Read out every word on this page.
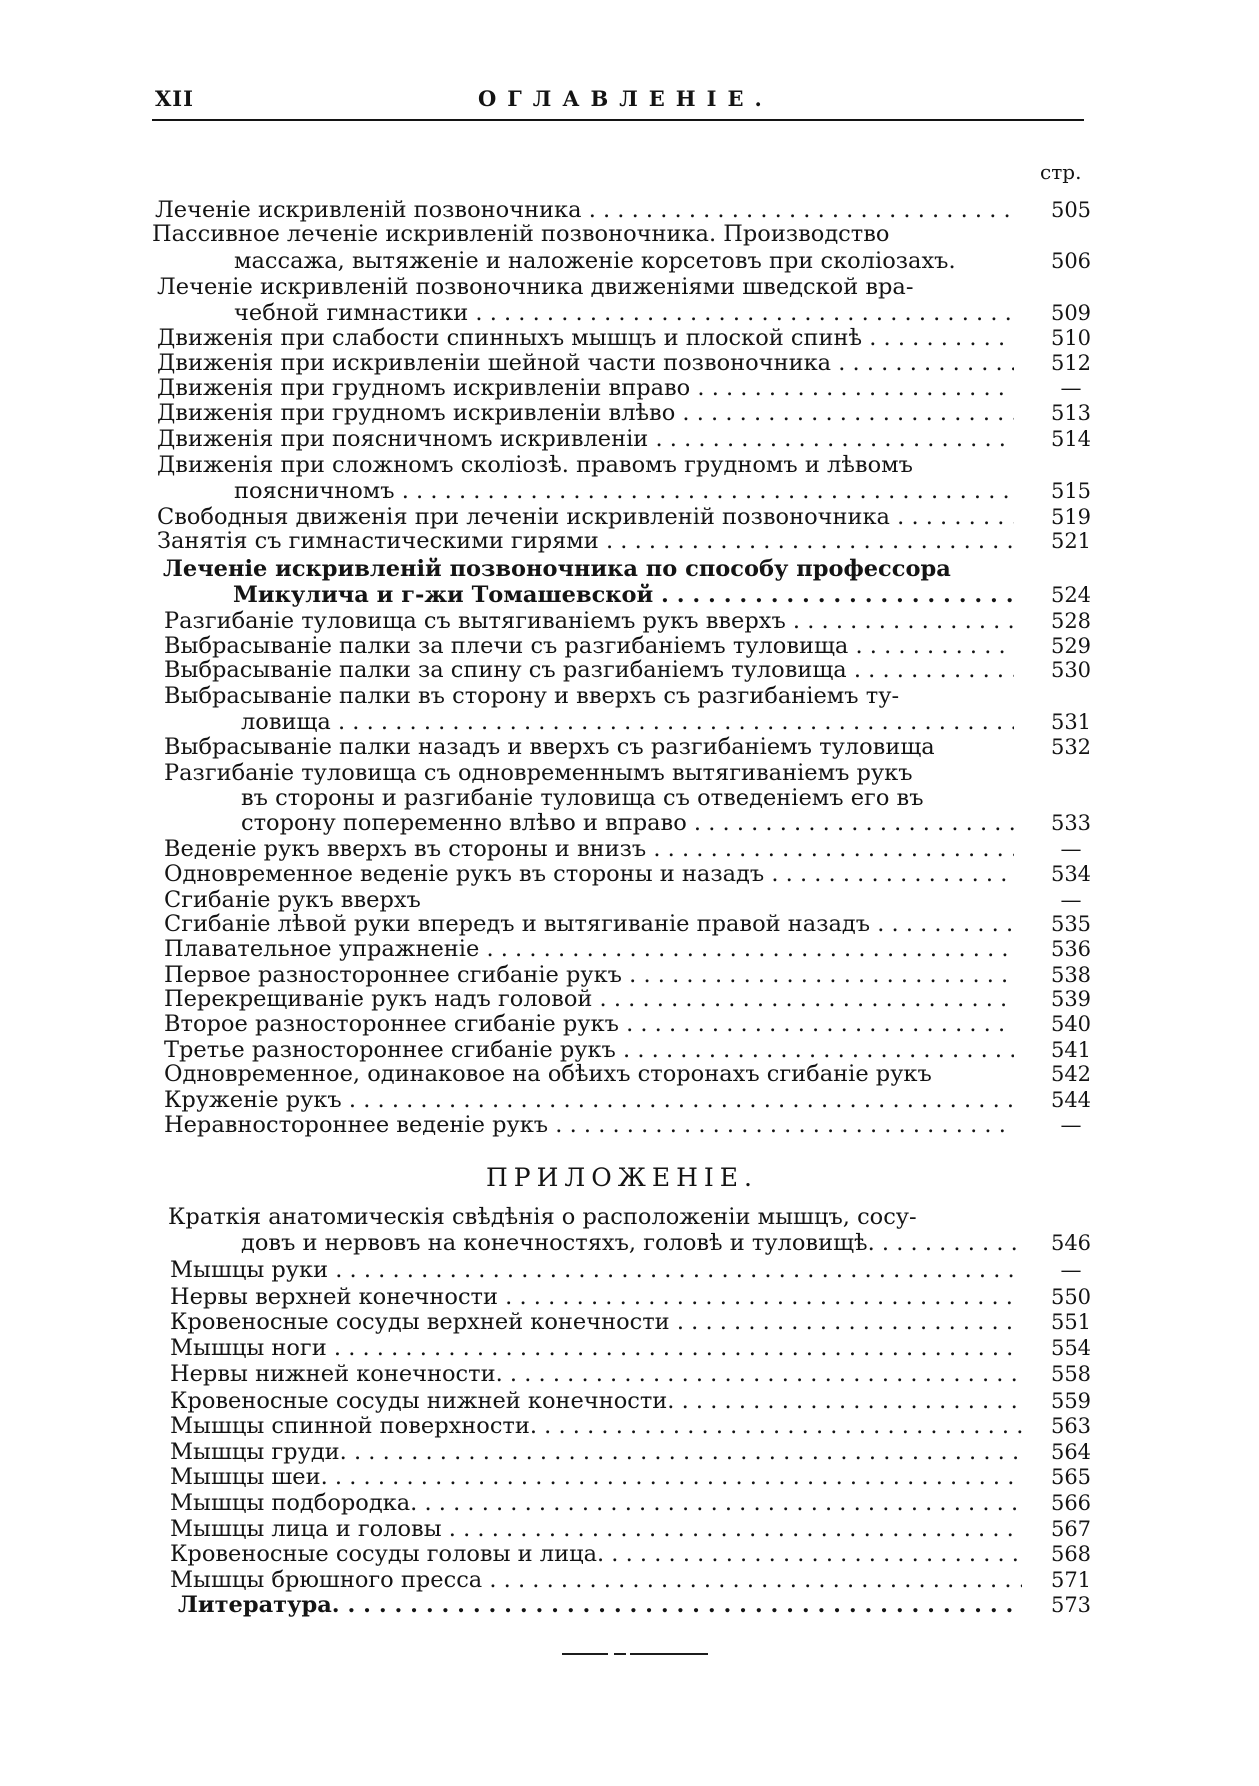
XII	ОГЛАВЛЕНІЕ.
стр.
Леченіе искривленій позвоночника . . .	505
Пассивное леченіе искривленій позвоночника. Производство
массажа, вытяженіе и наложеніе корсетовъ при сколіозахъ.	506
Леченіе искривленій позвоночника движеніями шведской вра-
чебной гимнастики . . .	509
Движенія при слабости спинныхъ мышцъ и плоской спинѣ . . .	510
Движенія при искривленіи шейной части позвоночника . . .	512
Движенія при грудномъ искривленіи вправо . . .	—
Движенія при грудномъ искривленіи влѣво . . .	513
Движенія при поясничномъ искривленіи . . .	514
Движенія при сложномъ сколіозѣ. правомъ грудномъ и лѣвомъ
поясничномъ . . .	515
Свободныя движенія при леченіи искривленій позвоночника . . .	519
Занятія съ гимнастическими гирями . . .	521
Леченіе искривленій позвоночника по способу профессора
Микулича и г-жи Томашевской . . .	524
Разгибаніе туловища съ вытягиваніемъ рукъ вверхъ . . .	528
Выбрасываніе палки за плечи съ разгибаніемъ туловища . . .	529
Выбрасываніе палки за спину съ разгибаніемъ туловища . . .	530
Выбрасываніе палки въ сторону и вверхъ съ разгибаніемъ ту-
ловища . . .	531
Выбрасываніе палки назадъ и вверхъ съ разгибаніемъ туловища	532
Разгибаніе туловища съ одновременнымъ вытягиваніемъ рукъ
въ стороны и разгибаніе туловища съ отведеніемъ его въ
сторону попеременно влѣво и вправо . . .	533
Веденіе рукъ вверхъ въ стороны и внизъ . . .	—
Одновременное веденіе рукъ въ стороны и назадъ . . .	534
Сгибаніе рукъ вверхъ	—
Сгибаніе лѣвой руки впередъ и вытягиваніе правой назадъ . . .	535
Плавательное упражненіе . . .	536
Первое разностороннее сгибаніе рукъ . . .	538
Перекрещиваніе рукъ надъ головой . . .	539
Второе разностороннее сгибаніе рукъ . . .	540
Третье разностороннее сгибаніе рукъ . . .	541
Одновременное, одинаковое на обѣихъ сторонахъ сгибаніе рукъ	542
Круженіе рукъ . . .	544
Неравностороннее веденіе рукъ . . .	—
ПРИЛОЖЕНІЕ.
Краткія анатомическія свѣдѣнія о расположеніи мышцъ, сосу-
довъ и нервовъ на конечностяхъ, головѣ и туловищѣ. . . .	546
Мышцы руки . . .	—
Нервы верхней конечности . . .	550
Кровеносные сосуды верхней конечности . . .	551
Мышцы ноги . . .	554
Нервы нижней конечности. . . .	558
Кровеносные сосуды нижней конечности. . . .	559
Мышцы спинной поверхности. . . .	563
Мышцы груди. . . .	564
Мышцы шеи. . . .	565
Мышцы подбородка. . . .	566
Мышцы лица и головы . . .	567
Кровеносные сосуды головы и лица. . . .	568
Мышцы брюшного пресса . . .	571
Литература. . . .	573
